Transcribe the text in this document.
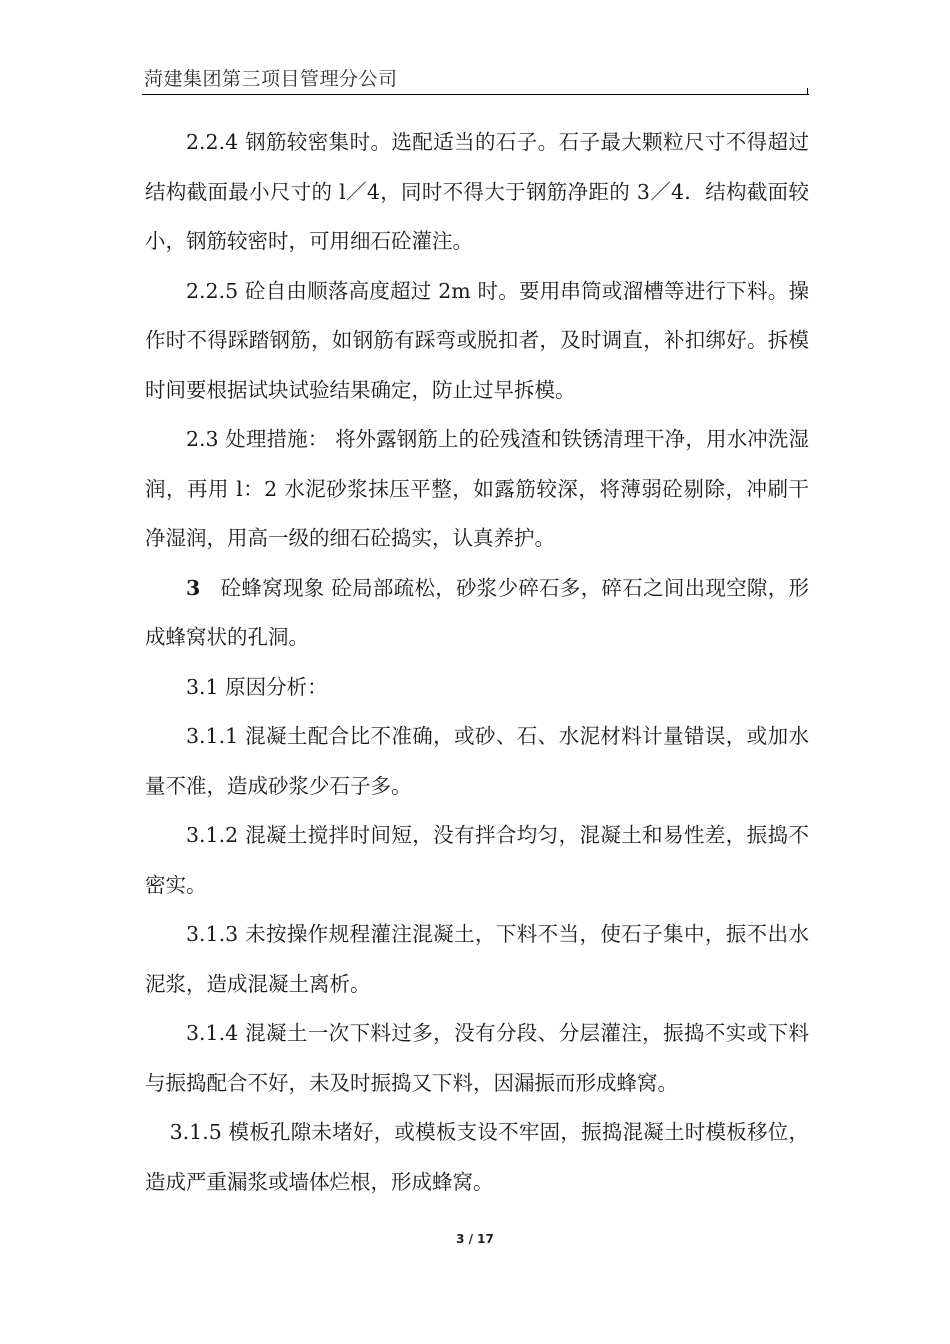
菏建集团第三项目管理分公司

2.2.4 钢筋较密集时。选配适当的石子。石子最大颗粒尺寸不得超过结构截面最小尺寸的 l／4，同时不得大于钢筋净距的 3／4．结构截面较小，钢筋较密时，可用细石砼灌注。

2.2.5 砼自由顺落高度超过 2m 时。要用串筒或溜槽等进行下料。操作时不得踩踏钢筋，如钢筋有踩弯或脱扣者，及时调直，补扣绑好。拆模时间要根据试块试验结果确定，防止过早拆模。

2.3 处理措施： 将外露钢筋上的砼残渣和铁锈清理干净，用水冲洗湿润，再用 l：2 水泥砂浆抹压平整，如露筋较深，将薄弱砼剔除，冲刷干净湿润，用高一级的细石砼捣实，认真养护。

3 砼蜂窝现象 砼局部疏松，砂浆少碎石多，碎石之间出现空隙，形成蜂窝状的孔洞。

3.1 原因分析：

3.1.1 混凝土配合比不准确，或砂、石、水泥材料计量错误，或加水量不准，造成砂浆少石子多。

3.1.2 混凝土搅拌时间短，没有拌合均匀，混凝土和易性差，振捣不密实。

3.1.3 未按操作规程灌注混凝土，下料不当，使石子集中，振不出水泥浆，造成混凝土离析。

3.1.4 混凝土一次下料过多，没有分段、分层灌注，振捣不实或下料与振捣配合不好，未及时振捣又下料，因漏振而形成蜂窝。

3.1.5 模板孔隙未堵好，或模板支设不牢固，振捣混凝土时模板移位，造成严重漏浆或墙体烂根，形成蜂窝。

3 / 17
